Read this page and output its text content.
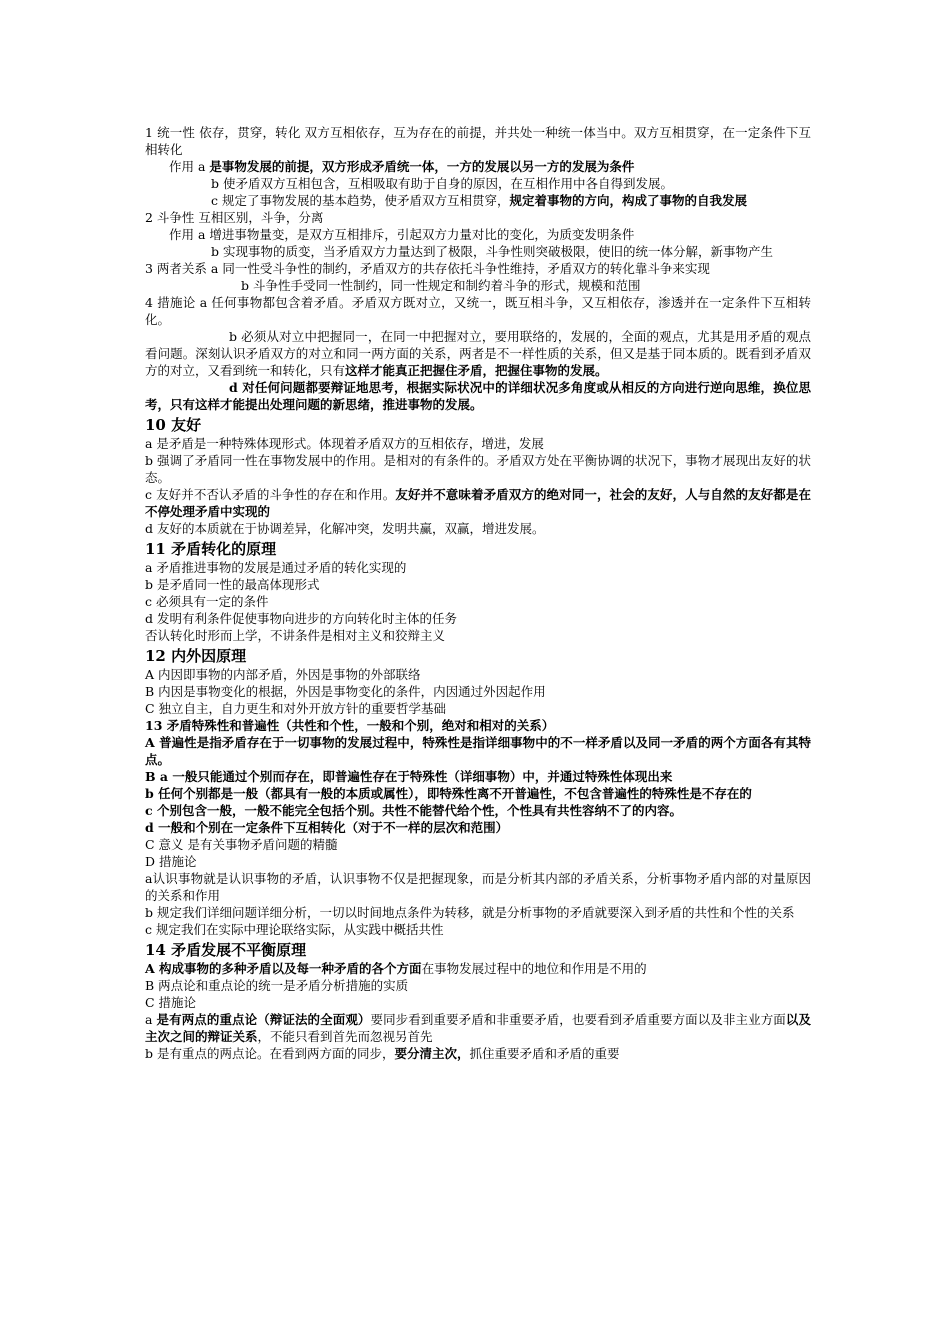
1 统一性 依存，贯穿，转化 双方互相依存，互为存在的前提，并共处一种统一体当中。双方互相贯穿，在一定条件下互相转化

作用 a 是事物发展的前提，双方形成矛盾统一体，一方的发展以另一方的发展为条件

b 使矛盾双方互相包含，互相吸取有助于自身的原因，在互相作用中各自得到发展。

c 规定了事物发展的基本趋势，使矛盾双方互相贯穿，规定着事物的方向，构成了事物的自我发展

2 斗争性 互相区别，斗争，分离

作用 a 增进事物量变，是双方互相排斥，引起双方力量对比的变化，为质变发明条件

b 实现事物的质变，当矛盾双方力量达到了极限，斗争性则突破极限，使旧的统一体分解，新事物产生

3 两者关系 a 同一性受斗争性的制约，矛盾双方的共存依托斗争性维持，矛盾双方的转化靠斗争来实现

b 斗争性手受同一性制约，同一性规定和制约着斗争的形式，规模和范围

4 措施论 a 任何事物都包含着矛盾。矛盾双方既对立，又统一，既互相斗争，又互相依存，渗透并在一定条件下互相转化。

b 必须从对立中把握同一，在同一中把握对立，要用联络的，发展的，全面的观点，尤其是用矛盾的观点看问题。深刻认识矛盾双方的对立和同一两方面的关系，两者是不一样性质的关系，但又是基于同本质的。既看到矛盾双方的对立，又看到统一和转化，只有这样才能真正把握住矛盾，把握住事物的发展。

d 对任何问题都要辩证地思考，根据实际状况中的详细状况多角度或从相反的方向进行逆向思维，换位思考，只有这样才能提出处理问题的新思绪，推进事物的发展。

10 友好

a 是矛盾是一种特殊体现形式。体现着矛盾双方的互相依存，增进，发展

b 强调了矛盾同一性在事物发展中的作用。是相对的有条件的。矛盾双方处在平衡协调的状况下，事物才展现出友好的状态。

c 友好并不否认矛盾的斗争性的存在和作用。友好并不意味着矛盾双方的绝对同一，社会的友好，人与自然的友好都是在不停处理矛盾中实现的

d 友好的本质就在于协调差异，化解冲突，发明共赢，双赢，增进发展。

11 矛盾转化的原理

a 矛盾推进事物的发展是通过矛盾的转化实现的

b 是矛盾同一性的最高体现形式

c 必须具有一定的条件

d 发明有利条件促使事物向进步的方向转化时主体的任务

否认转化时形而上学，不讲条件是相对主义和狡辩主义

12 内外因原理

A 内因即事物的内部矛盾，外因是事物的外部联络

B 内因是事物变化的根据，外因是事物变化的条件，内因通过外因起作用

C 独立自主，自力更生和对外开放方针的重要哲学基础

13 矛盾特殊性和普遍性（共性和个性，一般和个别，绝对和相对的关系）

A 普遍性是指矛盾存在于一切事物的发展过程中，特殊性是指详细事物中的不一样矛盾以及同一矛盾的两个方面各有其特点。

B a 一般只能通过个别而存在，即普遍性存在于特殊性（详细事物）中，并通过特殊性体现出来

b 任何个别都是一般（都具有一般的本质或属性），即特殊性离不开普遍性，不包含普遍性的特殊性是不存在的

c 个别包含一般，一般不能完全包括个别。共性不能替代给个性，个性具有共性容纳不了的内容。

d 一般和个别在一定条件下互相转化（对于不一样的层次和范围）

C 意义 是有关事物矛盾问题的精髓

D 措施论

a认识事物就是认识事物的矛盾，认识事物不仅是把握现象，而是分析其内部的矛盾关系，分析事物矛盾内部的对量原因的关系和作用

b 规定我们详细问题详细分析，一切以时间地点条件为转移，就是分析事物的矛盾就要深入到矛盾的共性和个性的关系

c 规定我们在实际中理论联络实际，从实践中概括共性

14 矛盾发展不平衡原理

A 构成事物的多种矛盾以及每一种矛盾的各个方面在事物发展过程中的地位和作用是不用的

B 两点论和重点论的统一是矛盾分析措施的实质

C 措施论

a 是有两点的重点论（辩证法的全面观）要同步看到重要矛盾和非重要矛盾，也要看到矛盾重要方面以及非主业方面以及主次之间的辩证关系，不能只看到首先而忽视另首先

b 是有重点的两点论。在看到两方面的同步，要分清主次，抓住重要矛盾和矛盾的重要
